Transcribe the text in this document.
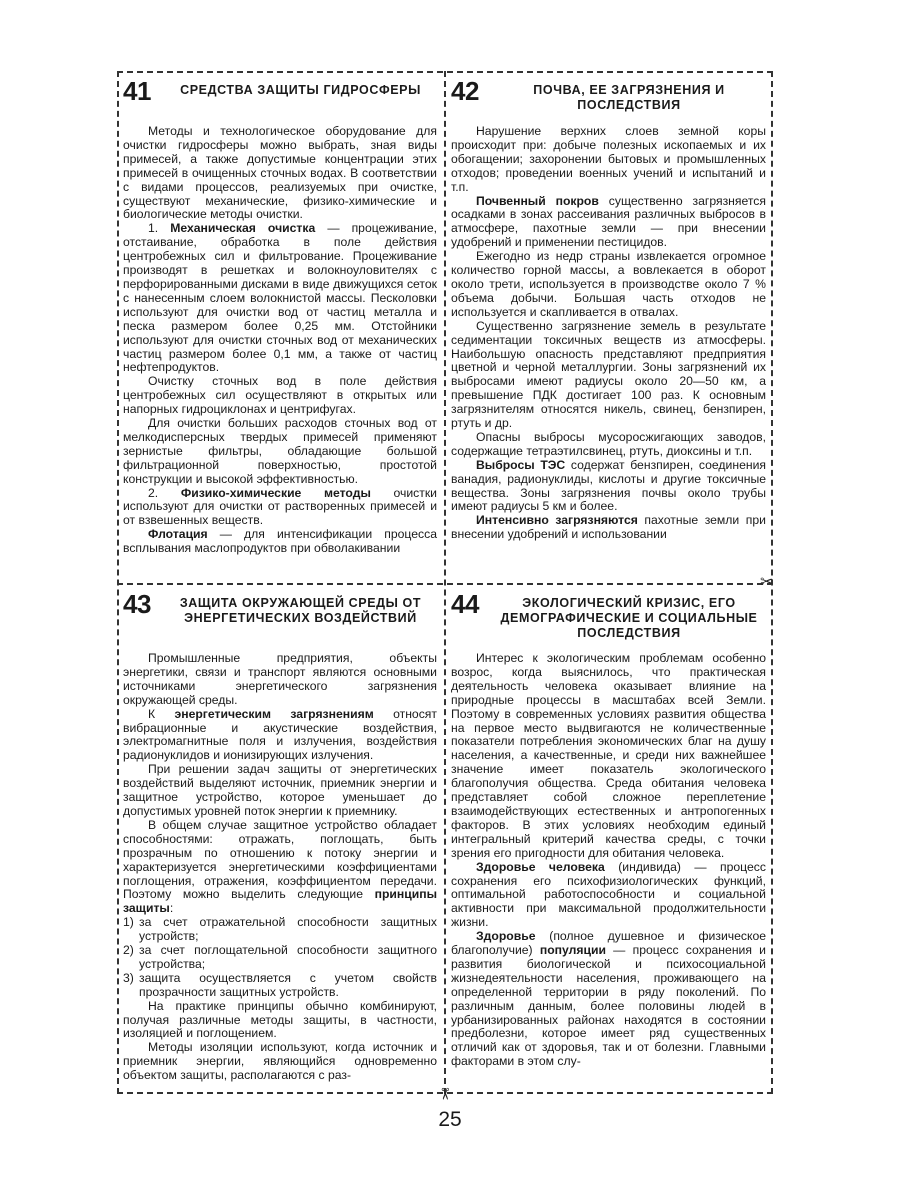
✂
✂
41	СРЕДСТВА ЗАЩИТЫ ГИДРОСФЕРЫ

Методы и технологическое оборудование для очистки гидросферы можно выбрать, зная виды примесей, а также допустимые концентрации этих примесей в очищенных сточных водах. В соответствии с видами процессов, реализуемых при очистке, существуют механические, физико-химические и биологические методы очистки.

1. Механическая очистка — процеживание, отстаивание, обработка в поле действия центробежных сил и фильтрование. Процеживание производят в решетках и волокноуловителях с перфорированными дисками в виде движущихся сеток с нанесенным слоем волокнистой массы. Песколовки используют для очистки вод от частиц металла и песка размером более 0,25 мм. Отстойники используют для очистки сточных вод от механических частиц размером более 0,1 мм, а также от частиц нефтепродуктов.

Очистку сточных вод в поле действия центробежных сил осуществляют в открытых или напорных гидроциклонах и центрифугах.

Для очистки больших расходов сточных вод от мелкодисперсных твердых примесей применяют зернистые фильтры, обладающие большой фильтрационной поверхностью, простотой конструкции и высокой эффективностью.

2. Физико-химические методы очистки используют для очистки от растворенных примесей и от взвешенных веществ.

Флотация — для интенсификации процесса всплывания маслопродуктов при обволакивании

42	ПОЧВА, ЕЕ ЗАГРЯЗНЕНИЯ И ПОСЛЕДСТВИЯ

Нарушение верхних слоев земной коры происходит при: добыче полезных ископаемых и их обогащении; захоронении бытовых и промышленных отходов; проведении военных учений и испытаний и т.п.

Почвенный покров существенно загрязняется осадками в зонах рассеивания различных выбросов в атмосфере, пахотные земли — при внесении удобрений и применении пестицидов.

Ежегодно из недр страны извлекается огромное количество горной массы, а вовлекается в оборот около трети, используется в производстве около 7 % объема добычи. Большая часть отходов не используется и скапливается в отвалах.

Существенно загрязнение земель в результате седиментации токсичных веществ из атмосферы. Наибольшую опасность представляют предприятия цветной и черной металлургии. Зоны загрязнений их выбросами имеют радиусы около 20—50 км, а превышение ПДК достигает 100 раз. К основным загрязнителям относятся никель, свинец, бензпирен, ртуть и др.

Опасны выбросы мусоросжигающих заводов, содержащие тетраэтилсвинец, ртуть, диоксины и т.п.

Выбросы ТЭС содержат бензпирен, соединения ванадия, радионуклиды, кислоты и другие токсичные вещества. Зоны загрязнения почвы около трубы имеют радиусы 5 км и более.

Интенсивно загрязняются пахотные земли при внесении удобрений и использовании

43	ЗАЩИТА ОКРУЖАЮЩЕЙ СРЕДЫ ОТ ЭНЕРГЕТИЧЕСКИХ ВОЗДЕЙСТВИЙ

Промышленные предприятия, объекты энергетики, связи и транспорт являются основными источниками энергетического загрязнения окружающей среды.

К энергетическим загрязнениям относят вибрационные и акустические воздействия, электромагнитные поля и излучения, воздействия радионуклидов и ионизирующих излучения.

При решении задач защиты от энергетических воздействий выделяют источник, приемник энергии и защитное устройство, которое уменьшает до допустимых уровней поток энергии к приемнику.

В общем случае защитное устройство обладает способностями: отражать, поглощать, быть прозрачным по отношению к потоку энергии и характеризуется энергетическими коэффициентами поглощения, отражения, коэффициентом передачи. Поэтому можно выделить следующие принципы защиты:

1) за счет отражательной способности защитных устройств;

2) за счет поглощательной способности защитного устройства;

3) защита осуществляется с учетом свойств прозрачности защитных устройств.

На практике принципы обычно комбинируют, получая различные методы защиты, в частности, изоляцией и поглощением.

Методы изоляции используют, когда источник и приемник энергии, являющийся одновременно объектом защиты, располагаются с раз-

44	ЭКОЛОГИЧЕСКИЙ КРИЗИС, ЕГО ДЕМОГРАФИЧЕСКИЕ И СОЦИАЛЬНЫЕ ПОСЛЕДСТВИЯ

Интерес к экологическим проблемам особенно возрос, когда выяснилось, что практическая деятельность человека оказывает влияние на природные процессы в масштабах всей Земли. Поэтому в современных условиях развития общества на первое место выдвигаются не количественные показатели потребления экономических благ на душу населения, а качественные, и среди них важнейшее значение имеет показатель экологического благополучия общества. Среда обитания человека представляет собой сложное переплетение взаимодействующих естественных и антропогенных факторов. В этих условиях необходим единый интегральный критерий качества среды, с точки зрения его пригодности для обитания человека.

Здоровье человека (индивида) — процесс сохранения его психофизиологических функций, оптимальной работоспособности и социальной активности при максимальной продолжительности жизни.

Здоровье (полное душевное и физическое благополучие) популяции — процесс сохранения и развития биологической и психосоциальной жизнедеятельности населения, проживающего на определенной территории в ряду поколений. По различным данным, более половины людей в урбанизированных районах находятся в состоянии предболезни, которое имеет ряд существенных отличий как от здоровья, так и от болезни. Главными факторами в этом слу-

25
